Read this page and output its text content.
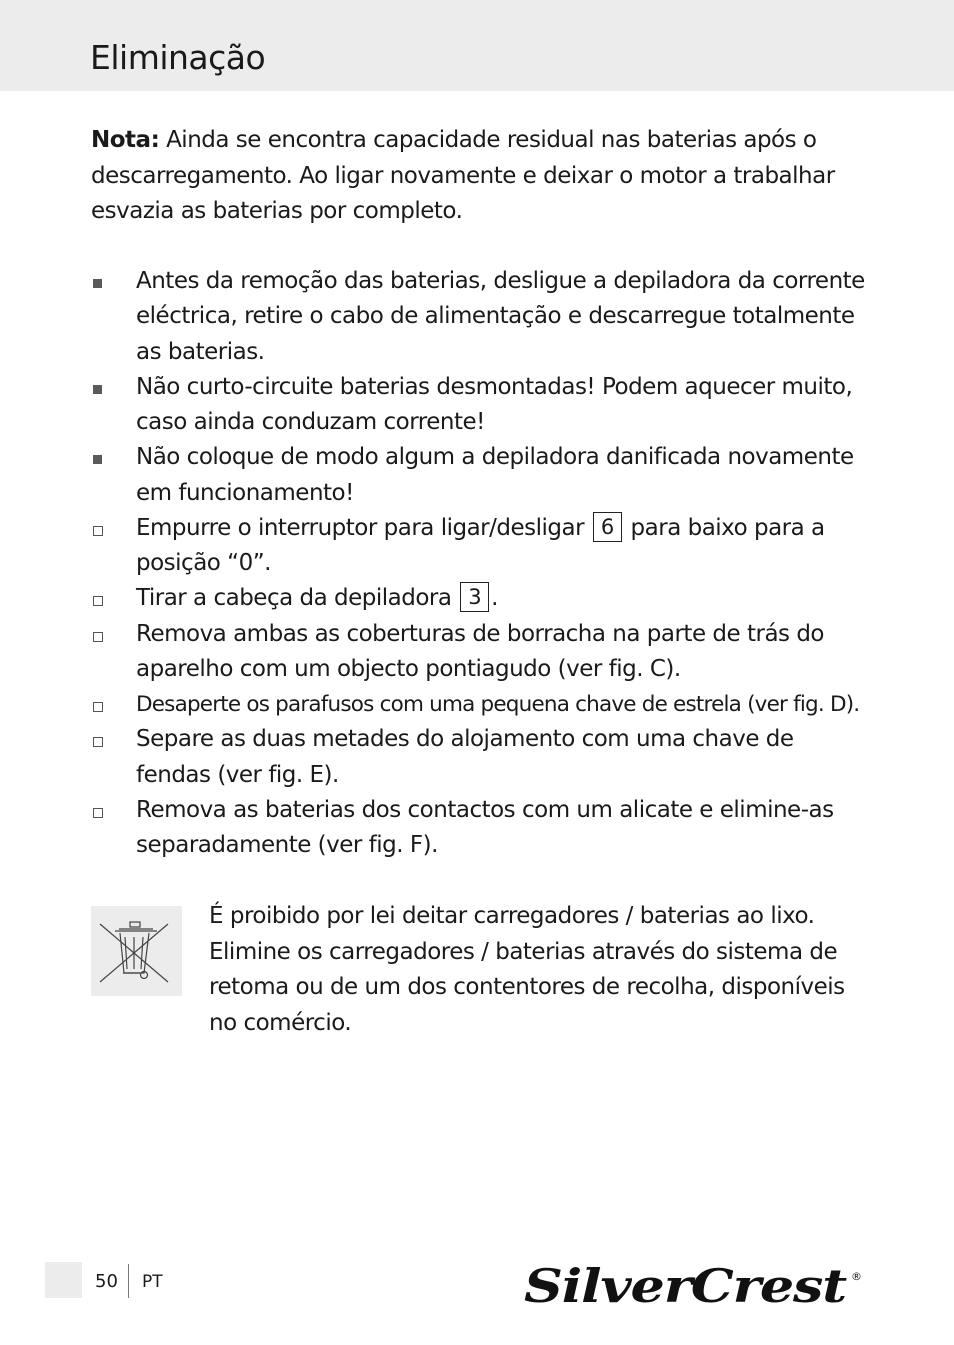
Eliminação

Nota: Ainda se encontra capacidade residual nas baterias após o descarregamento. Ao ligar novamente e deixar o motor a trabalhar esvazia as baterias por completo.

Antes da remoção das baterias, desligue a depiladora da corrente eléctrica, retire o cabo de alimentação e descarregue totalmente as baterias.
Não curto-circuite baterias desmontadas! Podem aquecer muito, caso ainda conduzam corrente!
Não coloque de modo algum a depiladora danificada novamente em funcionamento!
Empurre o interruptor para ligar/desligar 6 para baixo para a posição “0”.
Tirar a cabeça da depiladora 3 .
Remova ambas as coberturas de borracha na parte de trás do aparelho com um objecto pontiagudo (ver fig. C).
Desaperte os parafusos com uma pequena chave de estrela (ver fig. D).
Separe as duas metades do alojamento com uma chave de fendas (ver fig. E).
Remova as baterias dos contactos com um alicate e elimine-as separadamente (ver fig. F).

É proibido por lei deitar carregadores / baterias ao lixo. Elimine os carregadores / baterias através do sistema de retoma ou de um dos contentores de recolha, disponíveis no comércio.

50 PT	SilverCrest ®
